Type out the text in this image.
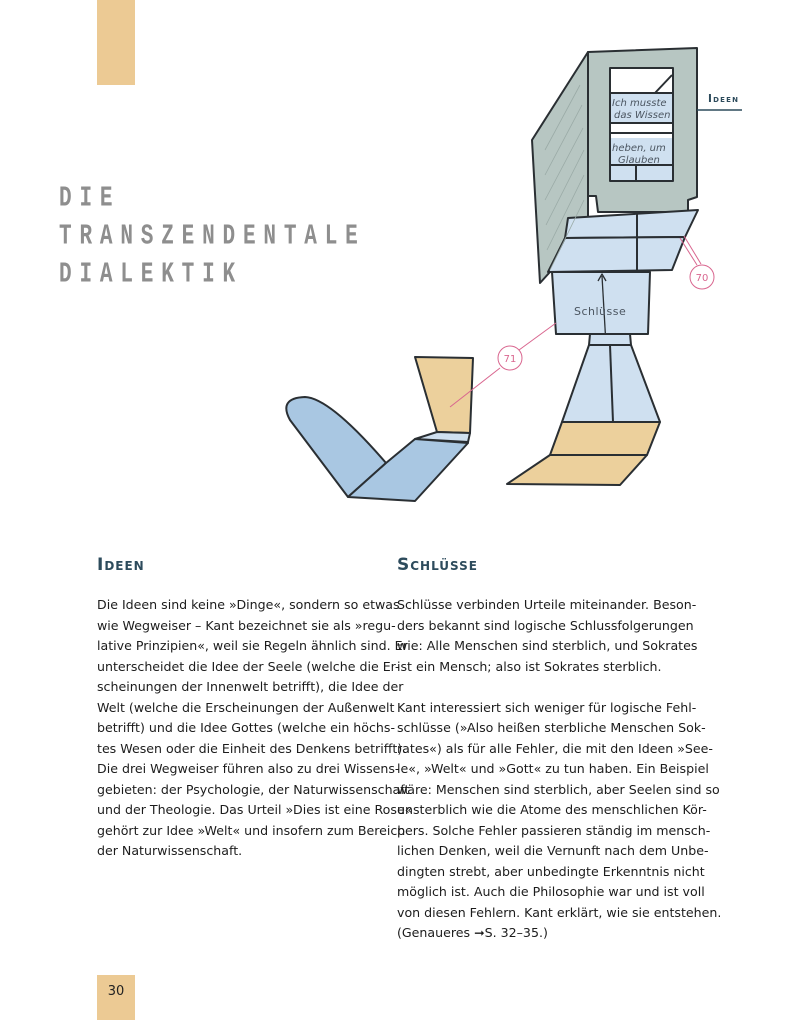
DIE
TRANSZENDENTALE
DIALEKTIK
Ich musste
das Wissen
heben, um
Glauben
Schlüsse
70
71
Ideen
Ideen
Die Ideen sind keine »Dinge«, sondern so etwas
wie Wegweiser – Kant bezeichnet sie als »regu-
lative Prinzipien«, weil sie Regeln ähnlich sind. Er
unterscheidet die Idee der Seele (welche die Er-
scheinungen der Innenwelt betrifft), die Idee der
Welt (welche die Erscheinungen der Außenwelt
betrifft) und die Idee Gottes (welche ein höchs-
tes Wesen oder die Einheit des Denkens betrifft).
Die drei Wegweiser führen also zu drei Wissens-
gebieten: der Psychologie, der Naturwissenschaft
und der Theologie. Das Urteil »Dies ist eine Rose«
gehört zur Idee »Welt« und insofern zum Bereich
der Naturwissenschaft.
Schlüsse
Schlüsse verbinden Urteile miteinander. Beson-
ders bekannt sind logische Schlussfolgerungen
wie: Alle Menschen sind sterblich, und Sokrates
ist ein Mensch; also ist Sokrates sterblich.
Kant interessiert sich weniger für logische Fehl-
schlüsse (»Also heißen sterbliche Menschen Sok-
rates«) als für alle Fehler, die mit den Ideen »See-
le«, »Welt« und »Gott« zu tun haben. Ein Beispiel
wäre: Menschen sind sterblich, aber Seelen sind so
unsterblich wie die Atome des menschlichen Kör-
pers. Solche Fehler passieren ständig im mensch-
lichen Denken, weil die Vernunft nach dem Unbe-
dingten strebt, aber unbedingte Erkenntnis nicht
möglich ist. Auch die Philosophie war und ist voll
von diesen Fehlern. Kant erklärt, wie sie entstehen.
(Genaueres ➞S. 32–35.)
30
